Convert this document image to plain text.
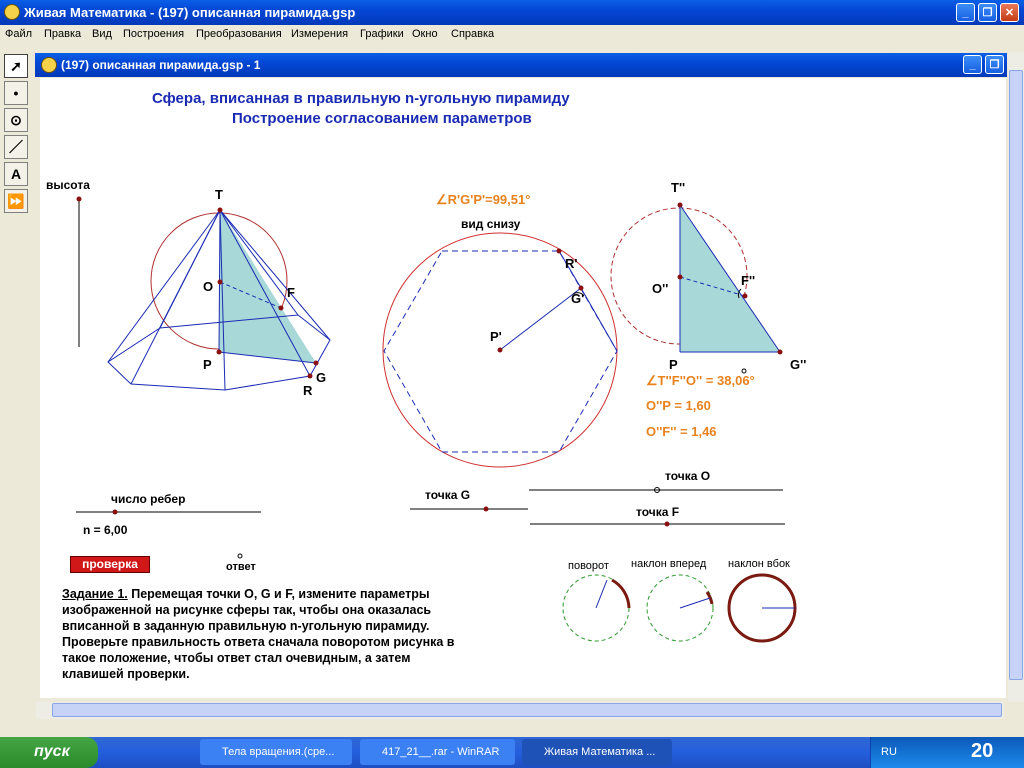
Живая Математика - (197) описанная пирамида.gsp	_	❐	✕
Файл Правка Вид Построения Преобразования Измерения Графики Окно Справка
➚
•
⊙
／
A
⏩
(197) описанная пирамида.gsp - 1	_	❐
Сфера, вписанная в правильную n-угольную пирамиду
Построение согласованием параметров
высота
T
O	F
P
G
R
∠R'G'P'=99,51°
вид снизу
R'
G'
P'
T''
O''
F''
P	G''
∠T''F''O'' = 38,06°
O''P = 1,60
O''F'' = 1,46
число ребер
n = 6,00
точка G
точка О
точка F
проверка	ответ	поворот наклон вперед наклон вбок
Задание 1. Перемещая точки O, G и F, измените параметры изображенной на рисунке сферы так, чтобы она оказалась вписанной в заданную правильную n-угольную пирамиду. Проверьте правильность ответа сначала поворотом рисунка в такое положение, чтобы ответ стал очевидным, а затем клавишей проверки.
пуск	Тела вращения.(сре...	417_21__.rar - WinRAR	Живая Математика ...	RU	20
